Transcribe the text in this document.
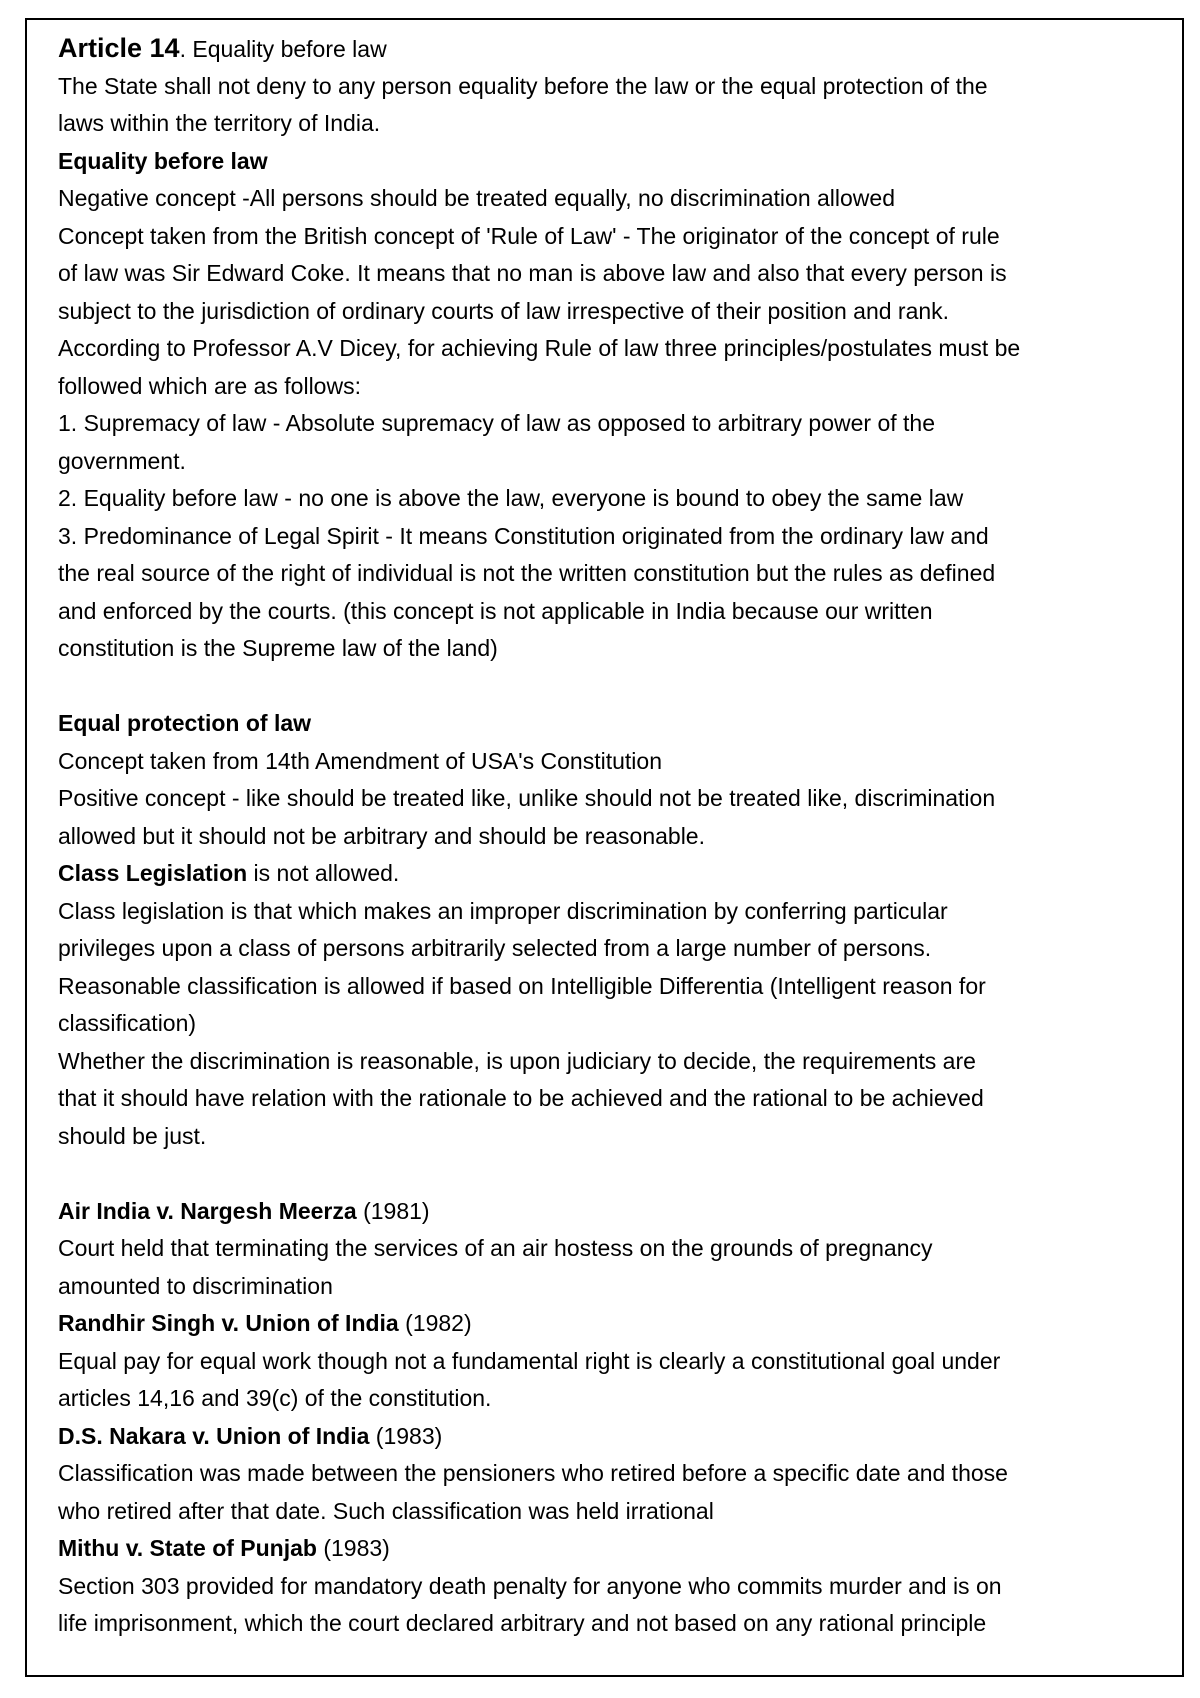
Article 14. Equality before law
The State shall not deny to any person equality before the law or the equal protection of the
laws within the territory of India.
Equality before law
Negative concept -All persons should be treated equally, no discrimination allowed
Concept taken from the British concept of 'Rule of Law' - The originator of the concept of rule
of law was Sir Edward Coke. It means that no man is above law and also that every person is
subject to the jurisdiction of ordinary courts of law irrespective of their position and rank.
According to Professor A.V Dicey, for achieving Rule of law three principles/postulates must be
followed which are as follows:
1. Supremacy of law - Absolute supremacy of law as opposed to arbitrary power of the
government.
2. Equality before law - no one is above the law, everyone is bound to obey the same law
3. Predominance of Legal Spirit - It means Constitution originated from the ordinary law and
the real source of the right of individual is not the written constitution but the rules as defined
and enforced by the courts. (this concept is not applicable in India because our written
constitution is the Supreme law of the land)
Equal protection of law
Concept taken from 14th Amendment of USA's Constitution
Positive concept - like should be treated like, unlike should not be treated like, discrimination
allowed but it should not be arbitrary and should be reasonable.
Class Legislation is not allowed.
Class legislation is that which makes an improper discrimination by conferring particular
privileges upon a class of persons arbitrarily selected from a large number of persons.
Reasonable classification is allowed if based on Intelligible Differentia (Intelligent reason for
classification)
Whether the discrimination is reasonable, is upon judiciary to decide, the requirements are
that it should have relation with the rationale to be achieved and the rational to be achieved
should be just.
Air India v. Nargesh Meerza (1981)
Court held that terminating the services of an air hostess on the grounds of pregnancy
amounted to discrimination
Randhir Singh v. Union of India (1982)
Equal pay for equal work though not a fundamental right is clearly a constitutional goal under
articles 14,16 and 39(c) of the constitution.
D.S. Nakara v. Union of India (1983)
Classification was made between the pensioners who retired before a specific date and those
who retired after that date. Such classification was held irrational
Mithu v. State of Punjab (1983)
Section 303 provided for mandatory death penalty for anyone who commits murder and is on
life imprisonment, which the court declared arbitrary and not based on any rational principle
